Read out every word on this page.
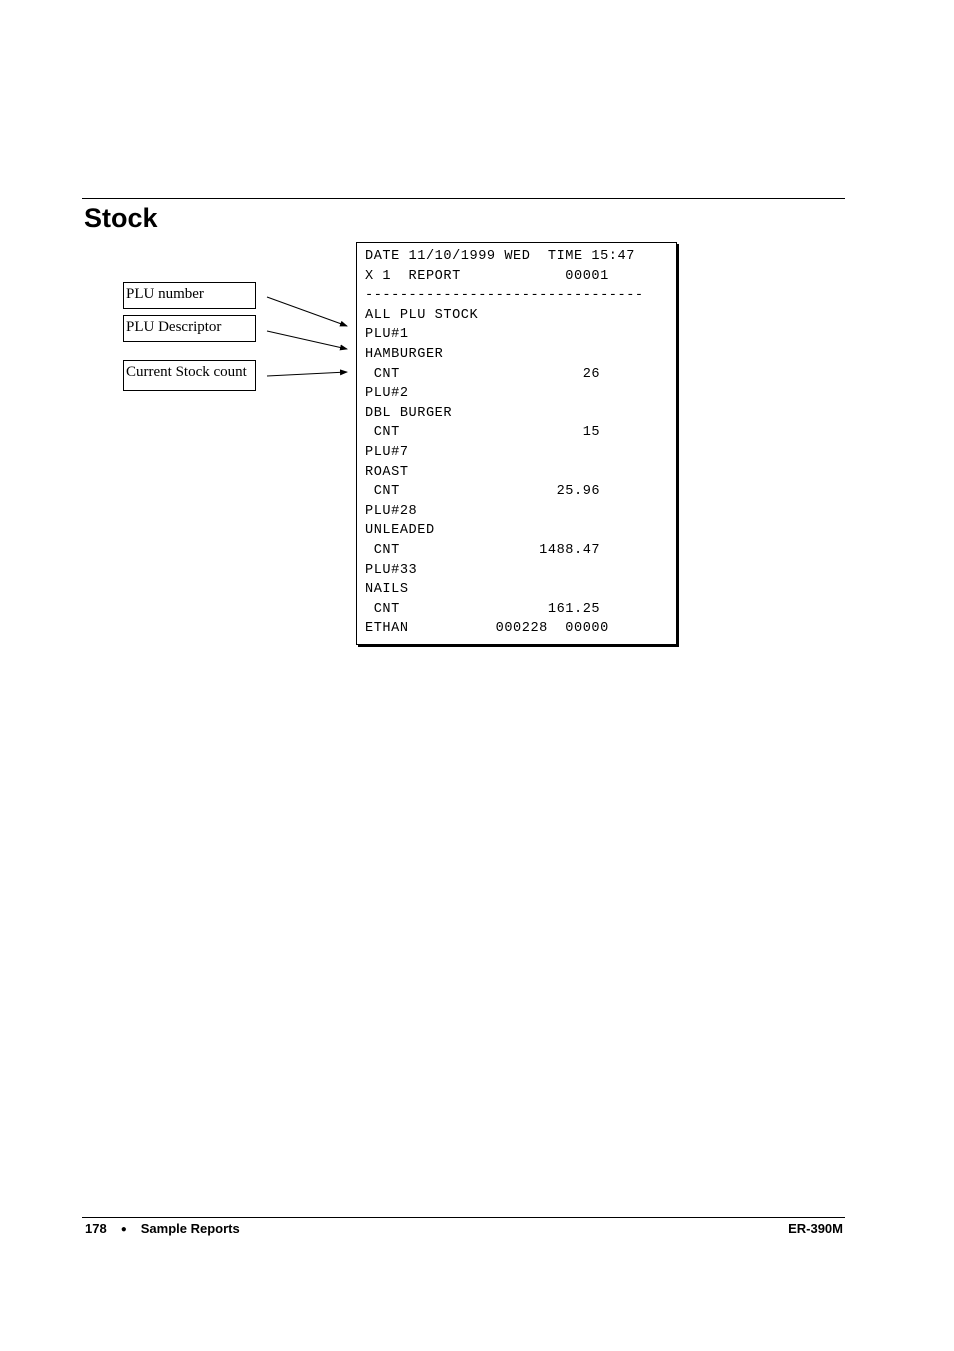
Stock
PLU number
PLU Descriptor
Current Stock count
DATE 11/10/1999 WED  TIME 15:47
X 1  REPORT            00001
--------------------------------
ALL PLU STOCK
PLU#1
HAMBURGER
CNT                     26
PLU#2
DBL BURGER
CNT                     15
PLU#7
ROAST
CNT                  25.96
PLU#28
UNLEADED
CNT                1488.47
PLU#33
NAILS
CNT                 161.25
ETHAN          000228  00000
178 ● Sample Reports	ER-390M
